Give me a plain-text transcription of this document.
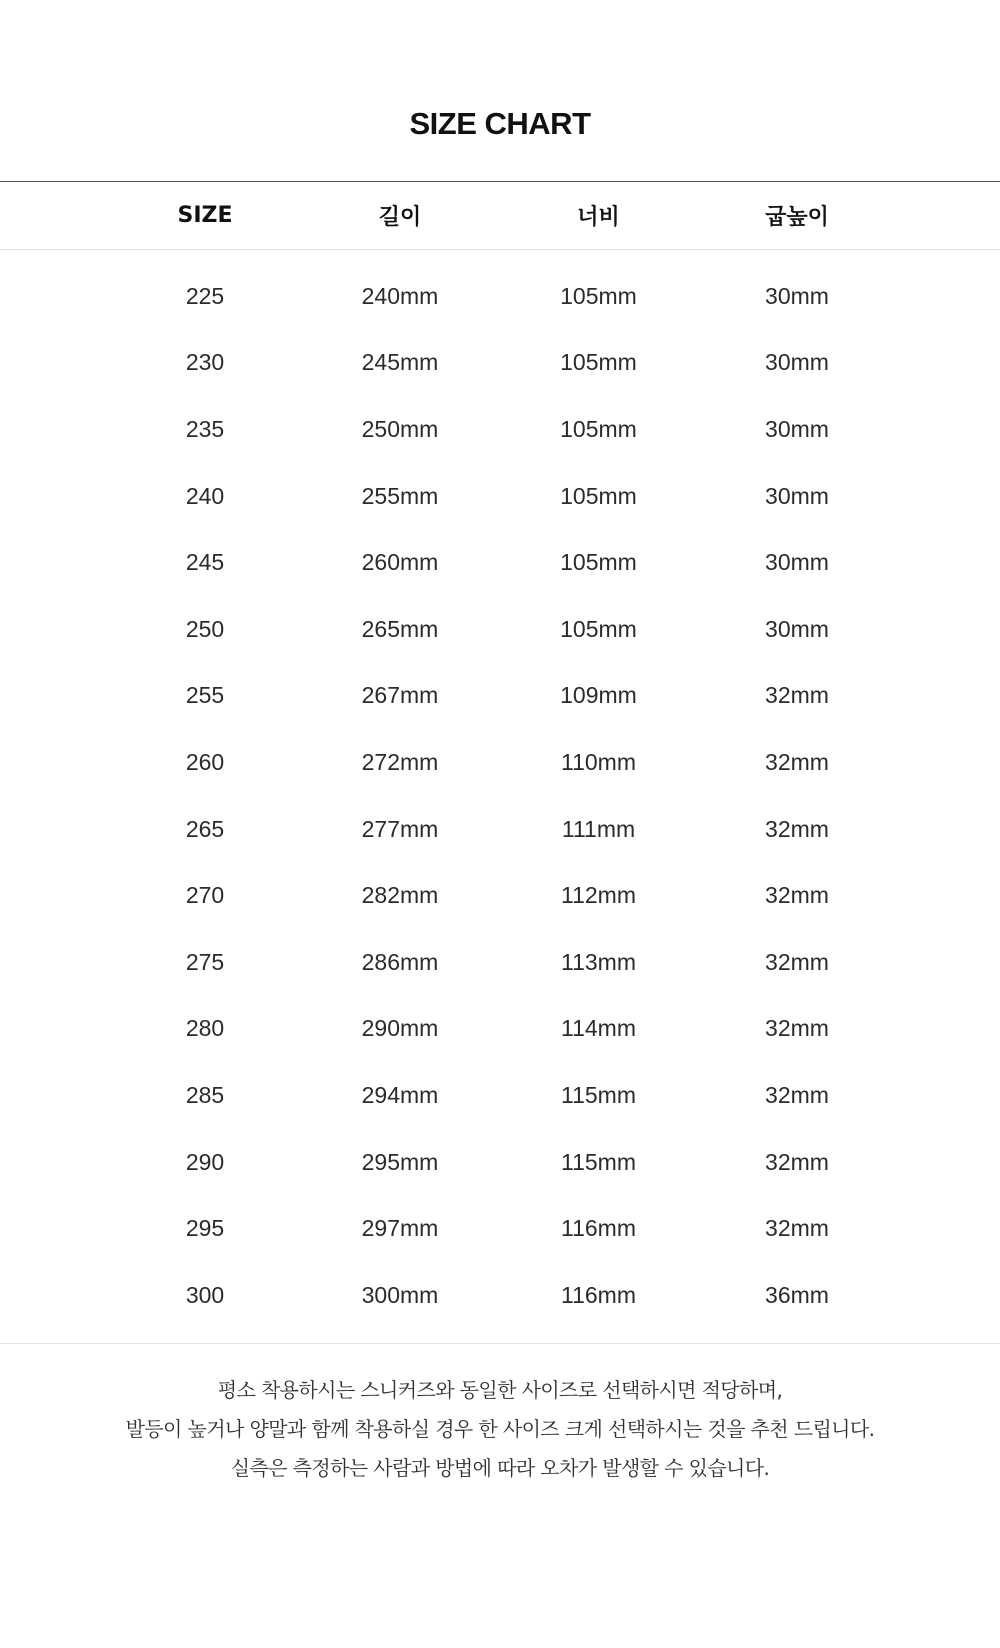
SIZE CHART
	SIZE	길이	너비	굽높이	

	225	240mm	105mm	30mm	
	230	245mm	105mm	30mm	
	235	250mm	105mm	30mm	
	240	255mm	105mm	30mm	
	245	260mm	105mm	30mm	
	250	265mm	105mm	30mm	
	255	267mm	109mm	32mm	
	260	272mm	110mm	32mm	
	265	277mm	111mm	32mm	
	270	282mm	112mm	32mm	
	275	286mm	113mm	32mm	
	280	290mm	114mm	32mm	
	285	294mm	115mm	32mm	
	290	295mm	115mm	32mm	
	295	297mm	116mm	32mm	
	300	300mm	116mm	36mm	

평소 착용하시는 스니커즈와 동일한 사이즈로 선택하시면 적당하며,
발등이 높거나 양말과 함께 착용하실 경우 한 사이즈 크게 선택하시는 것을 추천 드립니다.
실측은 측정하는 사람과 방법에 따라 오차가 발생할 수 있습니다.
